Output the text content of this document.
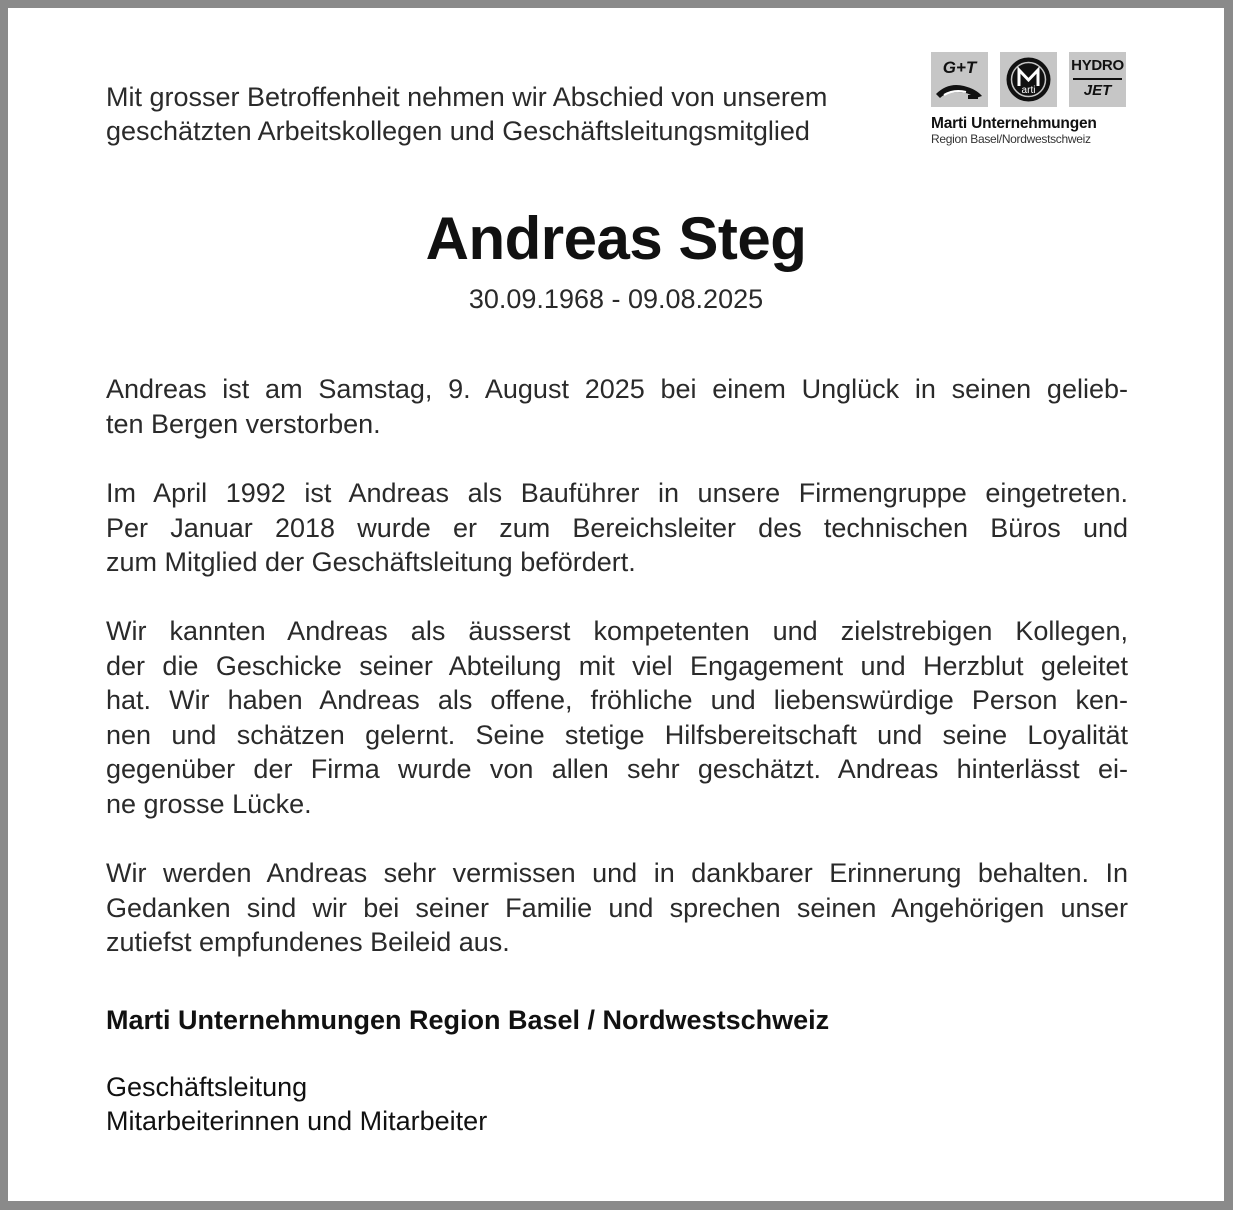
Mit grosser Betroffenheit nehmen wir Abschied von unserem
geschätzten Arbeitskollegen und Geschäftsleitungsmitglied
G+T
arti
HYDRO
JET
Marti Unternehmungen
Region Basel/Nordwestschweiz
Andreas Steg
30.09.1968 - 09.08.2025
Andreas ist am Samstag, 9. August 2025 bei einem Unglück in seinen gelieb-
ten Bergen verstorben.
Im April 1992 ist Andreas als Bauführer in unsere Firmengruppe eingetreten.
Per Januar 2018 wurde er zum Bereichsleiter des technischen Büros und
zum Mitglied der Geschäftsleitung befördert.
Wir kannten Andreas als äusserst kompetenten und zielstrebigen Kollegen,
der die Geschicke seiner Abteilung mit viel Engagement und Herzblut geleitet
hat. Wir haben Andreas als offene, fröhliche und liebenswürdige Person ken-
nen und schätzen gelernt. Seine stetige Hilfsbereitschaft und seine Loyalität
gegenüber der Firma wurde von allen sehr geschätzt. Andreas hinterlässt ei-
ne grosse Lücke.
Wir werden Andreas sehr vermissen und in dankbarer Erinnerung behalten. In
Gedanken sind wir bei seiner Familie und sprechen seinen Angehörigen unser
zutiefst empfundenes Beileid aus.
Marti Unternehmungen Region Basel / Nordwestschweiz
Geschäftsleitung
Mitarbeiterinnen und Mitarbeiter
